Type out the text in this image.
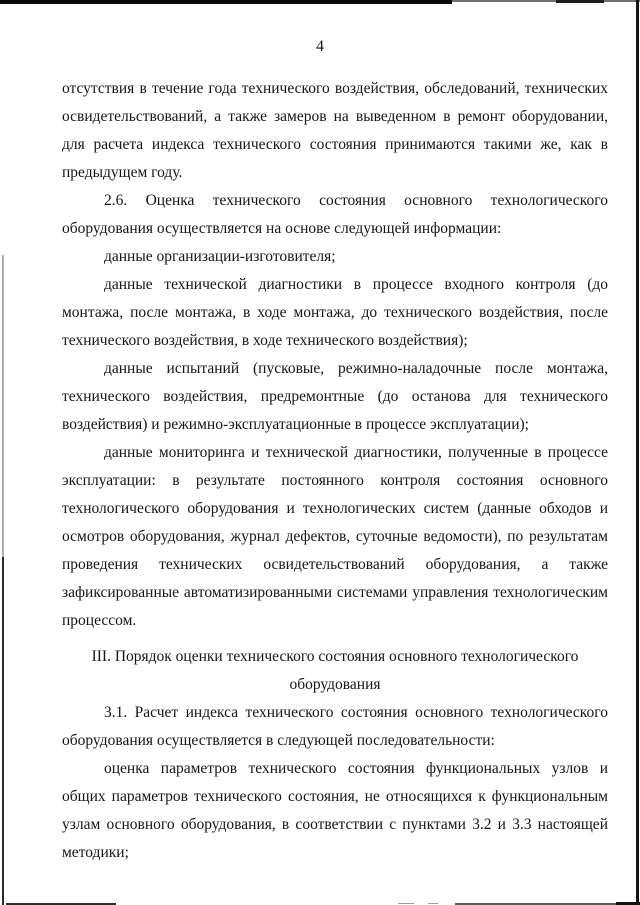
4

отсутствия в течение года технического воздействия, обследований, технических освидетельствований, а также замеров на выведенном в ремонт оборудовании, для расчета индекса технического состояния принимаются такими же, как в предыдущем году.

2.6. Оценка технического состояния основного технологического оборудования осуществляется на основе следующей информации:

данные организации-изготовителя;

данные технической диагностики в процессе входного контроля (до монтажа, после монтажа, в ходе монтажа, до технического воздействия, после технического воздействия, в ходе технического воздействия);

данные испытаний (пусковые, режимно-наладочные после монтажа, технического воздействия, предремонтные (до останова для технического воздействия) и режимно-эксплуатационные в процессе эксплуатации);

данные мониторинга и технической диагностики, полученные в процессе эксплуатации: в результате постоянного контроля состояния основного технологического оборудования и технологических систем (данные обходов и осмотров оборудования, журнал дефектов, суточные ведомости), по результатам проведения технических освидетельствований оборудования, а также зафиксированные автоматизированными системами управления технологическим процессом.

III. Порядок оценки технического состояния основного технологического оборудования

3.1. Расчет индекса технического состояния основного технологического оборудования осуществляется в следующей последовательности:

оценка параметров технического состояния функциональных узлов и общих параметров технического состояния, не относящихся к функциональным узлам основного оборудования, в соответствии с пунктами 3.2 и 3.3 настоящей методики;
